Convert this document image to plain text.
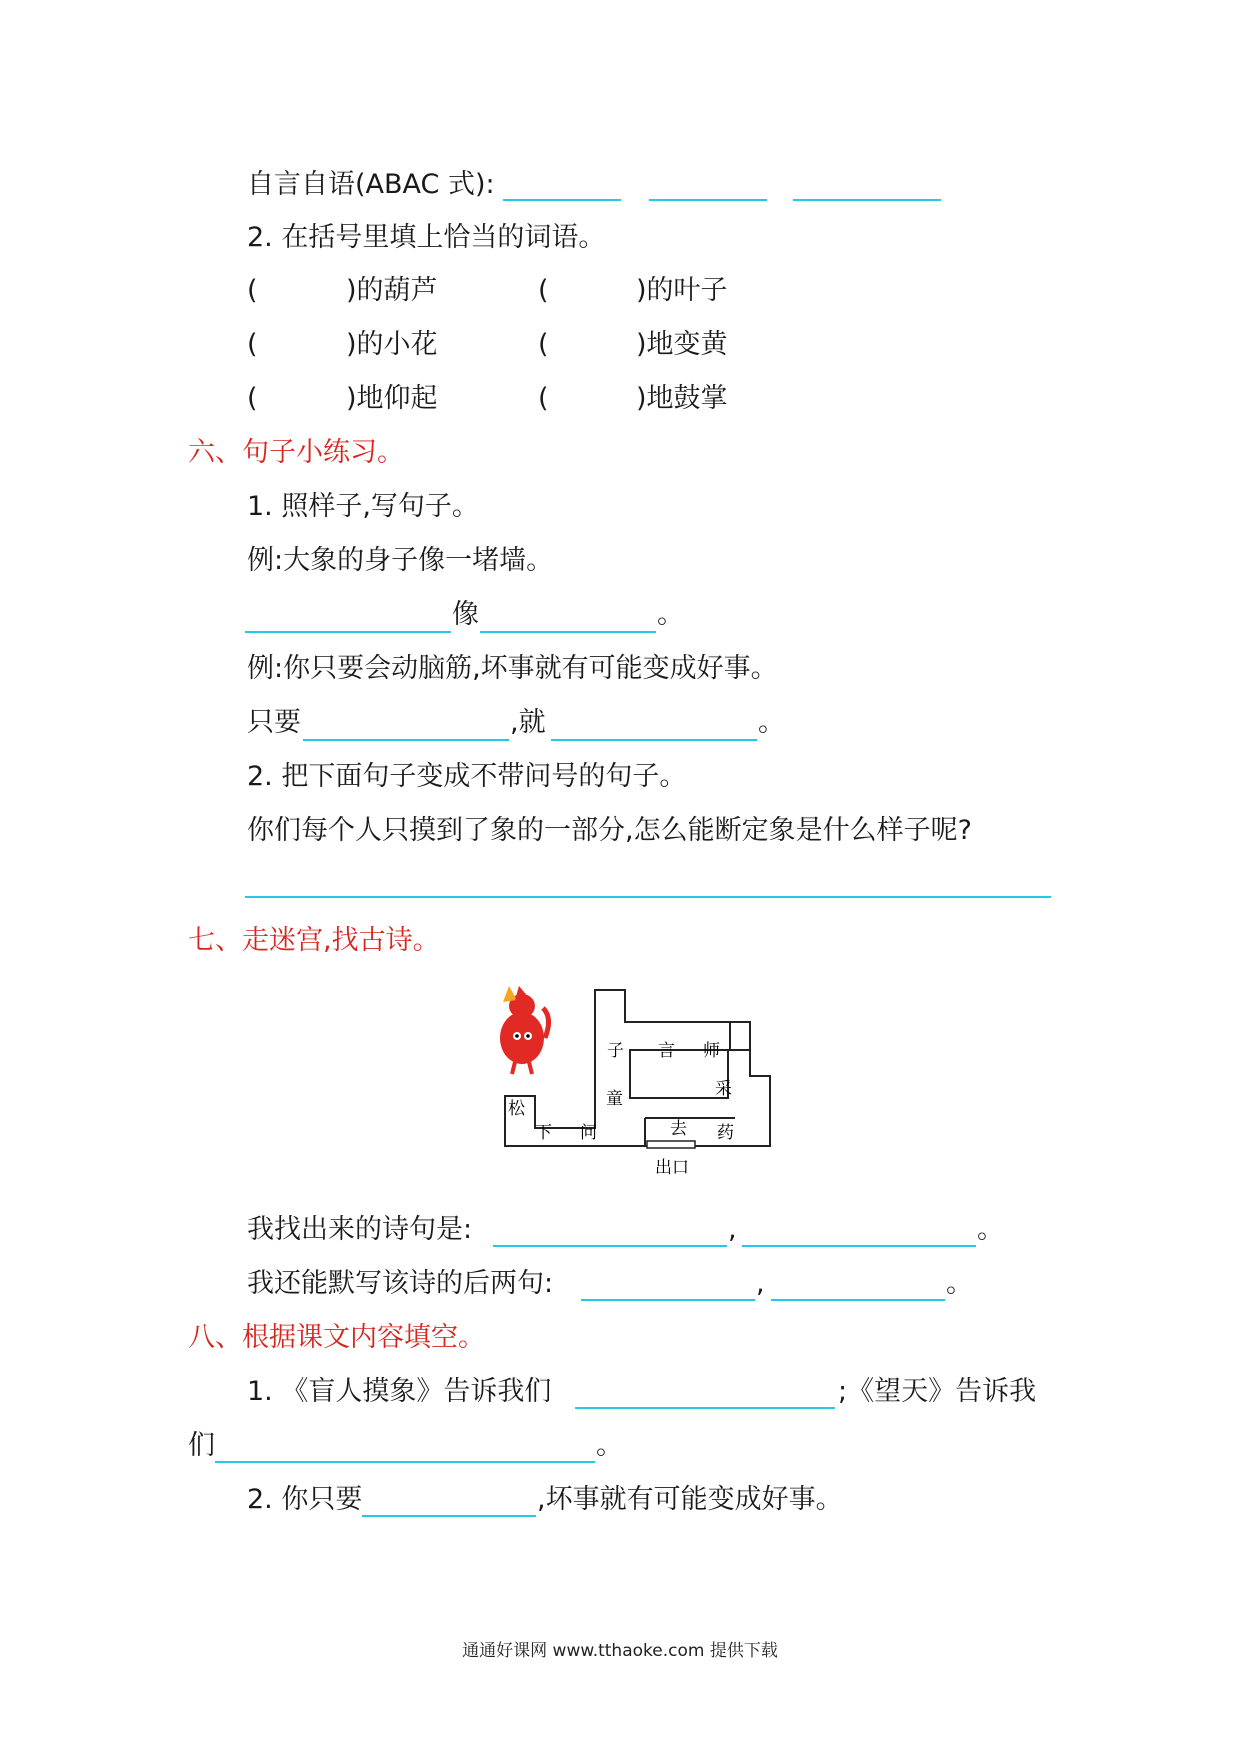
自言自语(ABAC 式):
2. 在括号里填上恰当的词语。
(	)的葫芦	(	)的叶子
(	)的小花	(	)地变黄
(	)地仰起	(	)地鼓掌
六、句子小练习。
1. 照样子,写句子。
例:大象的身子像一堵墙。
像	。
例:你只要会动脑筋,坏事就有可能变成好事。
只要	,就	。
2. 把下面句子变成不带问号的句子。
你们每个人只摸到了象的一部分,怎么能断定象是什么样子呢?
七、走迷宫,找古诗。
子 言 师
采
童
松
下 问	去 药
出口
我找出来的诗句是:	,	。
我还能默写该诗的后两句:	,	。
八、根据课文内容填空。
1. 《盲人摸象》告诉我们	;《望天》告诉我
们	。
2. 你只要	,坏事就有可能变成好事。
通通好课网 www.tthaoke.com 提供下载
